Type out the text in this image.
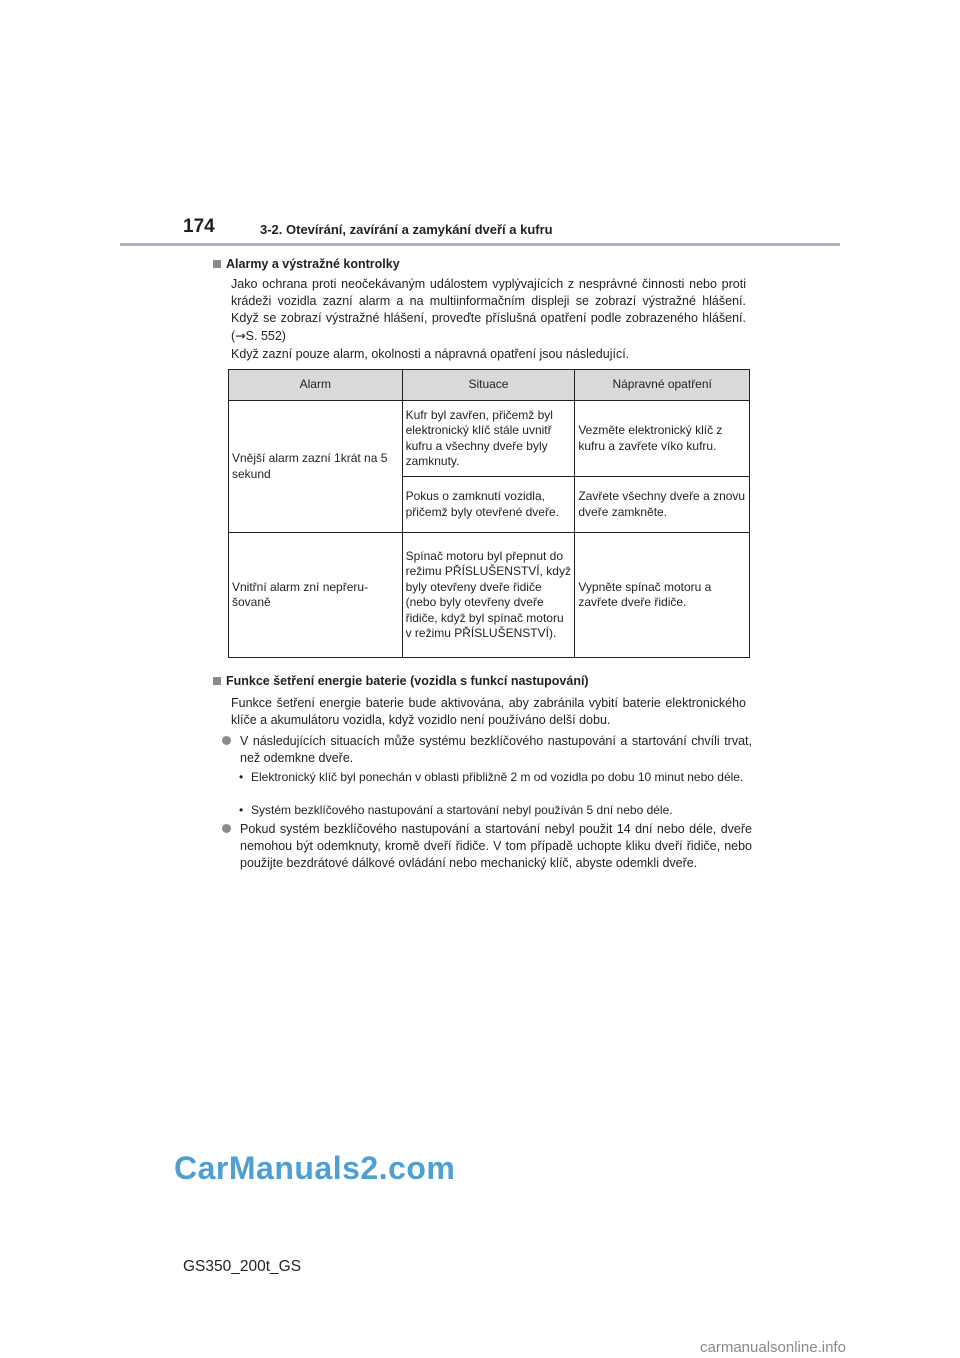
174	3-2. Otevírání, zavírání a zamykání dveří a kufru
Alarmy a výstražné kontrolky
Jako ochrana proti neočekávaným událostem vyplývajících z nesprávné činnosti nebo proti krádeži vozidla zazní alarm a na multiinformačním displeji se zobrazí výstražné hlášení. Když se zobrazí výstražné hlášení, proveďte příslušná opatření podle zobrazeného hlášení. (→S. 552)
Když zazní pouze alarm, okolnosti a nápravná opatření jsou následující.
Alarm	Situace	Nápravné opatření
Vnější alarm zazní 1krát na 5 sekund	Kufr byl zavřen, přičemž byl elektronický klíč stále uvnitř kufru a všechny dveře byly zamknuty.	Vezměte elektronický klíč z kufru a zavřete víko kufru.
	Pokus o zamknutí vozidla, přičemž byly otevřené dveře.	Zavřete všechny dveře a znovu dveře zamkněte.
Vnitřní alarm zní nepřerušovaně	Spínač motoru byl přepnut do režimu PŘÍSLUŠENSTVÍ, když byly otevřeny dveře řidiče (nebo byly otevřeny dveře řidiče, když byl spínač motoru v režimu PŘÍSLUŠENSTVÍ).	Vypněte spínač motoru a zavřete dveře řidiče.
Funkce šetření energie baterie (vozidla s funkcí nastupování)
Funkce šetření energie baterie bude aktivována, aby zabránila vybití baterie elektronického klíče a akumulátoru vozidla, když vozidlo není používáno delší dobu.
V následujících situacích může systému bezklíčového nastupování a startování chvíli trvat, než odemkne dveře.
• Elektronický klíč byl ponechán v oblasti přibližně 2 m od vozidla po dobu 10 minut nebo déle.
• Systém bezklíčového nastupování a startování nebyl používán 5 dní nebo déle.
Pokud systém bezklíčového nastupování a startování nebyl použit 14 dní nebo déle, dveře nemohou být odemknuty, kromě dveří řidiče. V tom případě uchopte kliku dveří řidiče, nebo použijte bezdrátové dálkové ovládání nebo mechanický klíč, abyste odemkli dveře.
CarManuals2.com
GS350_200t_GS
carmanualsonline.info
